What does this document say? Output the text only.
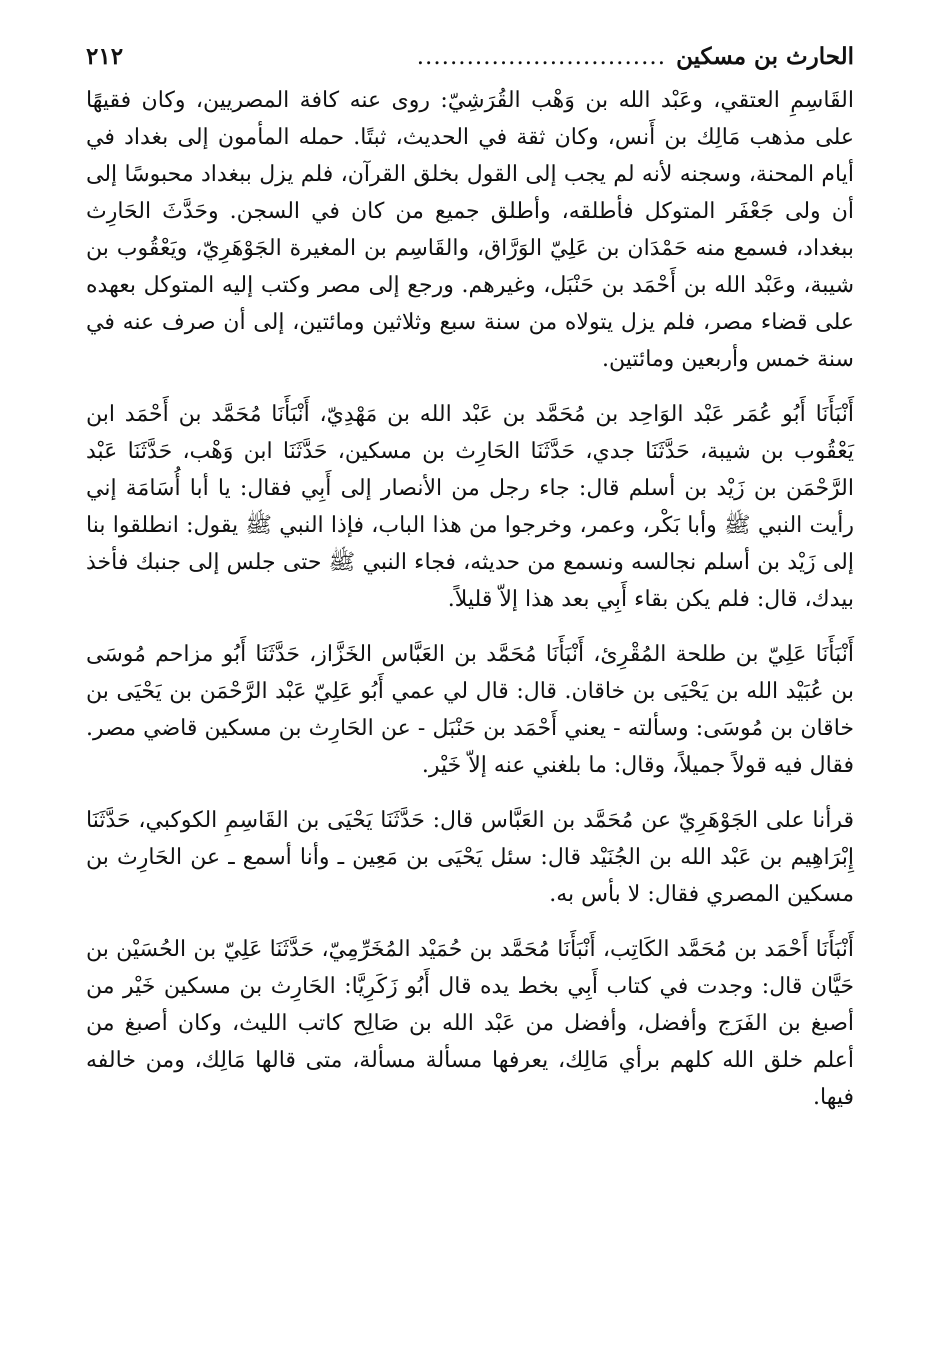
الحارث بن مسكين
..............................
٢١٢

القَاسِمِ العتقي، وعَبْد الله بن وَهْب القُرَشِيّ: روى عنه كافة المصريين، وكان فقيهًا على مذهب مَالِك بن أَنس، وكان ثقة في الحديث، ثبتًا. حمله المأمون إلى بغداد في أيام المحنة، وسجنه لأنه لم يجب إلى القول بخلق القرآن، فلم يزل ببغداد محبوسًا إلى أن ولى جَعْفَر المتوكل فأطلقه، وأطلق جميع من كان في السجن. وحَدَّثَ الحَارِث ببغداد، فسمع منه حَمْدَان بن عَلِيّ الوَرَّاق، والقَاسِم بن المغيرة الجَوْهَرِيّ، ويَعْقُوب بن شيبة، وعَبْد الله بن أَحْمَد بن حَنْبَل، وغيرهم. ورجع إلى مصر وكتب إليه المتوكل بعهده على قضاء مصر، فلم يزل يتولاه من سنة سبع وثلاثين ومائتين، إلى أن صرف عنه في سنة خمس وأربعين ومائتين.

أَنْبَأَنَا أَبُو عُمَر عَبْد الوَاحِد بن مُحَمَّد بن عَبْد الله بن مَهْدِيّ، أَنْبَأَنَا مُحَمَّد بن أَحْمَد ابن يَعْقُوب بن شيبة، حَدَّثَنَا جدي، حَدَّثَنَا الحَارِث بن مسكين، حَدَّثَنَا ابن وَهْب، حَدَّثَنَا عَبْد الرَّحْمَن بن زَيْد بن أسلم قال: جاء رجل من الأنصار إلى أَبِي فقال: يا أبا أُسَامَة إني رأيت النبي ﷺ وأبا بَكْر، وعمر، وخرجوا من هذا الباب، فإذا النبي ﷺ يقول: انطلقوا بنا إلى زَيْد بن أسلم نجالسه ونسمع من حديثه، فجاء النبي ﷺ حتى جلس إلى جنبك فأخذ بيدك، قال: فلم يكن بقاء أَبِي بعد هذا إلاّ قليلاً.

أَنْبَأَنَا عَلِيّ بن طلحة المُقْرِئ، أَنْبَأَنَا مُحَمَّد بن العَبَّاس الخَزَّاز، حَدَّثَنَا أَبُو مزاحم مُوسَى بن عُبَيْد الله بن يَحْيَى بن خاقان. قال: قال لي عمي أَبُو عَلِيّ عَبْد الرَّحْمَن بن يَحْيَى بن خاقان بن مُوسَى: وسألته - يعني أَحْمَد بن حَنْبَل - عن الحَارِث بن مسكين قاضي مصر. فقال فيه قولاً جميلاً، وقال: ما بلغني عنه إلاّ خَيْر.

قرأنا على الجَوْهَرِيّ عن مُحَمَّد بن العَبَّاس قال: حَدَّثَنَا يَحْيَى بن القَاسِمِ الكوكبي، حَدَّثَنَا إِبْرَاهِيم بن عَبْد الله بن الجُنَيْد قال: سئل يَحْيَى بن مَعِين ـ وأنا أسمع ـ عن الحَارِث بن مسكين المصري فقال: لا بأس به.

أَنْبَأَنَا أَحْمَد بن مُحَمَّد الكَاتِب، أَنْبَأَنَا مُحَمَّد بن حُمَيْد المُخَرِّمِيّ، حَدَّثَنَا عَلِيّ بن الحُسَيْن بن حَيَّان قال: وجدت في كتاب أَبِي بخط يده قال أَبُو زَكَرِيَّا: الحَارِث بن مسكين خَيْر من أصبغ بن الفَرَج وأفضل، وأفضل من عَبْد الله بن صَالِح كاتب الليث، وكان أصبغ من أعلم خلق الله كلهم برأي مَالِك، يعرفها مسألة مسألة، متى قالها مَالِك، ومن خالفه فيها.
